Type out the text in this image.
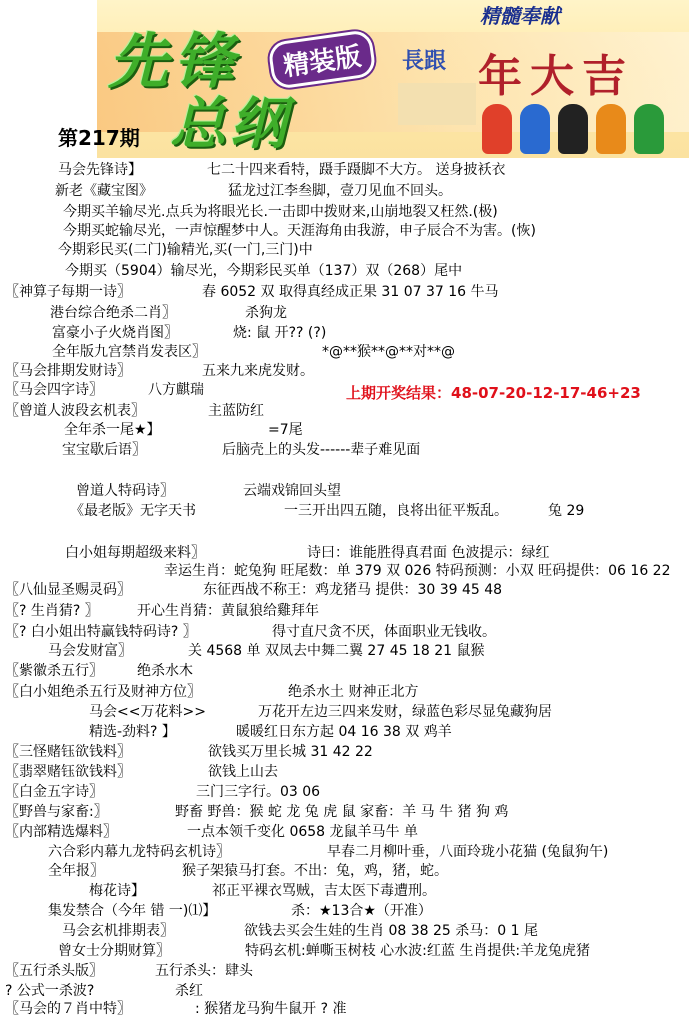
精髓奉献
先锋
总纲
精装版	長跟 年大吉
第217期
马会先锋诗】	七二十四来看特，蹑手蹑脚不大方。 送身披袄衣
新老《藏宝图》	猛龙过江李叁脚，壹刀见血不回头。
今期买羊输尽光.点兵为将眼光长.一击即中拨财来,山崩地裂又枉然.(极)
今期买蛇输尽光，一声惊醒梦中人。天涯海角由我游，申子辰合不为害。(恢)
今期彩民买(二门)输精光,买(一门,三门)中
今期买（5904）输尽光，今期彩民买单（137）双（268）尾中
〖神算子每期一诗〗	春 6052 双 取得真经成正果 31 07 37 16 牛马
港台综合绝杀二肖〗	杀狗龙
富豪小子火烧肖图〗	烧: 鼠 开?? (?)
全年版九宫禁肖发表区〗	*@**猴**@**对**@
〖马会排期发财诗〗	五来九来虎发财。
〖马会四字诗〗	八方麒瑞
〖曾道人波段玄机表〗	主蓝防红
全年杀一尾★】	=7尾
宝宝歇后语〗	后脑壳上的头发------辈子难见面
曾道人特码诗〗	云端戏锦回头望
《最老版》无字天书	一三开出四五随，良将出征平叛乱。	兔 29
白小姐每期超级来料〗	诗曰：谁能胜得真君面 色波提示：绿红
幸运生肖：蛇兔狗 旺尾数：单 379 双 026 特码预测：小双 旺码提供：06 16 22
〖八仙显圣赐灵码〗	东征西战不称王：鸡龙猪马 提供：30 39 45 48
〖? 生肖猜? 〗	开心生肖猜：黄鼠狼给雞拜年
〖? 白小姐出特赢钱特码诗? 〗	得寸直尺贪不厌，体面职业无钱收。
马会发财富〗	关 4568 单 双凤去中舞二翼 27 45 18 21 鼠猴
〖紫徽杀五行〗 绝杀水木
〖白小姐绝杀五行及财神方位〗	绝杀水土 财神正北方
马会<<万花料>>	万花开左边三四来发财，绿蓝色彩尽显兔藏狗居
精选-劲料? 】	暖暖红日东方起 04 16 38 双 鸡羊
〖三怪赌钰欲钱料〗	欲钱买万里长城 31 42 22
〖翡翠赌钰欲钱料〗	欲钱上山去
〖白金五字诗〗	三门三字行。03 06
〖野兽与家畜:〗	野畜 野兽：猴 蛇 龙 兔 虎 鼠 家畜：羊 马 牛 猪 狗 鸡
〖内部精选爆料〗	一点本领千变化 0658 龙鼠羊马牛 单
六合彩内幕九龙特码玄机诗〗	早春二月柳叶垂，八面玲珑小花猫 (兔鼠狗午)
全年报〗	猴子架猿马打套。不出：兔，鸡，猪，蛇。
梅花诗】	祁正平裸衣骂贼，吉太医下毒遭刑。
集发禁合（今年 错 一)⑴】	杀：★13合★（开准）
马会玄机排期表〗	欲钱去买会生娃的生肖 08 38 25 杀马：0 1 尾
曾女士分期财算〗	特码玄机:蝉嘶玉树枝 心水波:红蓝 生肖提供:羊龙兔虎猪
〖五行杀头版〗	五行杀头：肆头
? 公式一杀波?	杀红
〖马会的７肖中特〗	: 猴猪龙马狗牛鼠开 ? 准
上期开奖结果：48-07-20-12-17-46+23
